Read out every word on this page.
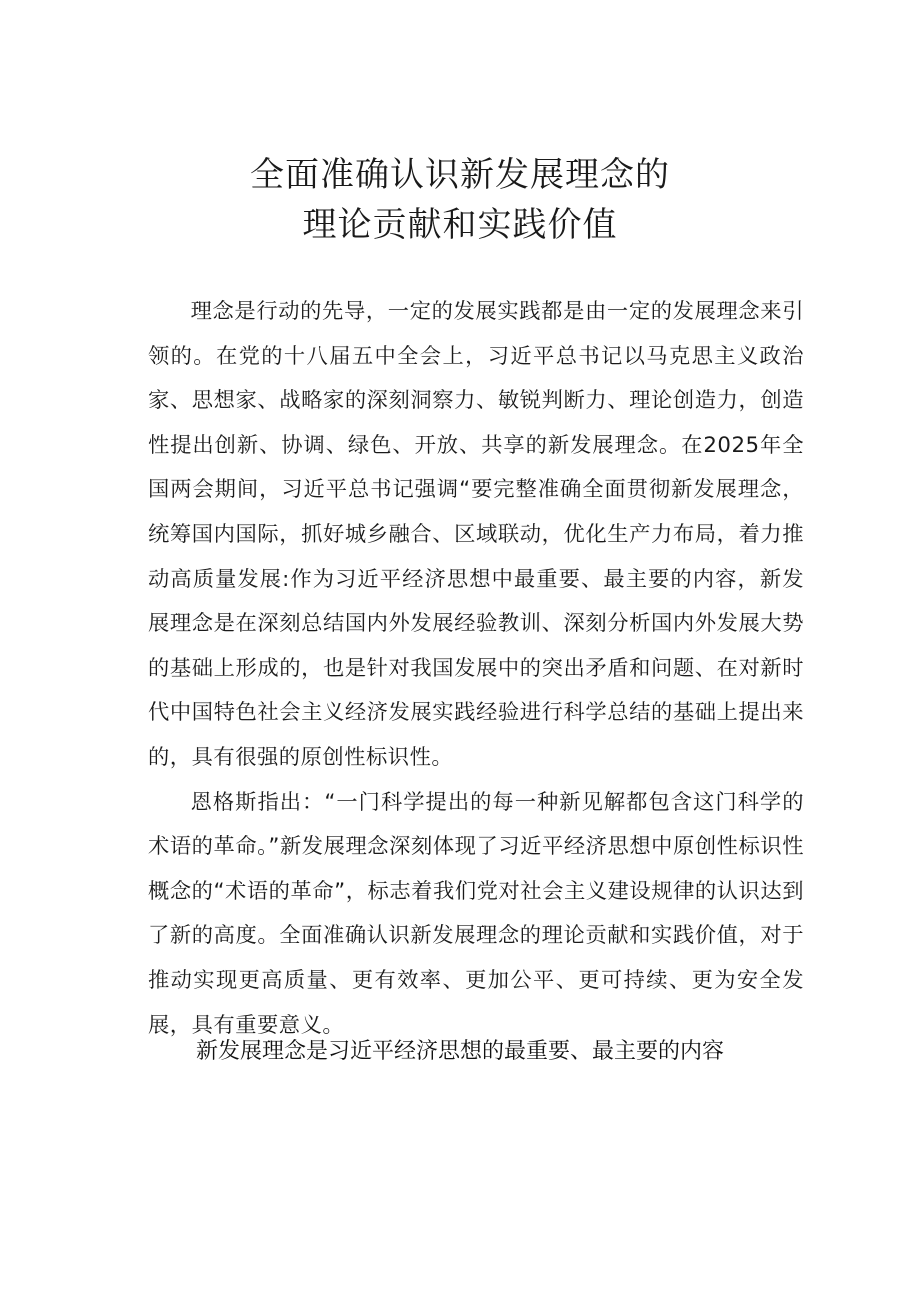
全面准确认识新发展理念的
理论贡献和实践价值

理念是行动的先导，一定的发展实践都是由一定的发展理念来引领的。在党的十八届五中全会上，习近平总书记以马克思主义政治家、思想家、战略家的深刻洞察力、敏锐判断力、理论创造力，创造性提出创新、协调、绿色、开放、共享的新发展理念。在2025年全国两会期间，习近平总书记强调“要完整准确全面贯彻新发展理念，统筹国内国际，抓好城乡融合、区域联动，优化生产力布局，着力推动高质量发展:作为习近平经济思想中最重要、最主要的内容，新发展理念是在深刻总结国内外发展经验教训、深刻分析国内外发展大势的基础上形成的，也是针对我国发展中的突出矛盾和问题、在对新时代中国特色社会主义经济发展实践经验进行科学总结的基础上提出来的，具有很强的原创性标识性。

恩格斯指出：“一门科学提出的每一种新见解都包含这门科学的术语的革命。”新发展理念深刻体现了习近平经济思想中原创性标识性概念的“术语的革命”，标志着我们党对社会主义建设规律的认识达到了新的高度。全面准确认识新发展理念的理论贡献和实践价值，对于推动实现更高质量、更有效率、更加公平、更可持续、更为安全发展，具有重要意义。

新发展理念是习近平经济思想的最重要、最主要的内容
